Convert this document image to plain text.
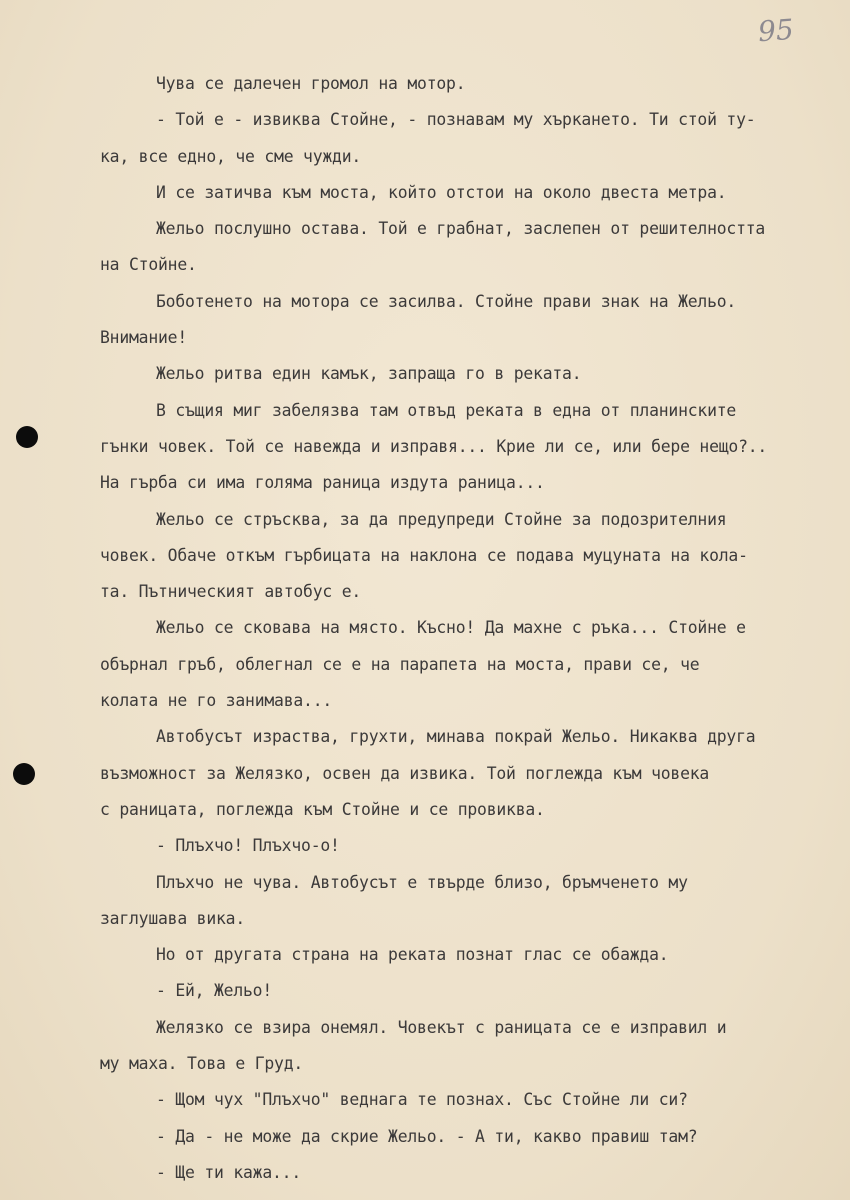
95
Чува се далечен громол на мотор.
- Той е - извиква Стойне, - познавам му хъркането. Ти стой ту-
ка, все едно, че сме чужди.
И се затичва към моста, който отстои на около двеста метра.
Жельо послушно остава. Той е грабнат, заслепен от решителността
на Стойне.
Боботенето на мотора се засилва. Стойне прави знак на Жельо.
Внимание!
Жельо ритва един камък, запраща го в реката.
В същия миг забелязва там отвъд реката в една от планинските
гънки човек. Той се навежда и изправя... Крие ли се, или бере нещо?..
На гърба си има голяма раница издута раница...
Жельо се стръсква, за да предупреди Стойне за подозрителния
човек. Обаче откъм гърбицата на наклона се подава муцуната на кола-
та. Пътническият автобус е.
Жельо се сковава на място. Късно! Да махне с ръка... Стойне е
обърнал гръб, облегнал се е на парапета на моста, прави се, че
колата не го занимава...
Автобусът израства, грухти, минава покрай Жельо. Никаква друга
възможност за Желязко, освен да извика. Той поглежда към човека
с раницата, поглежда към Стойне и се провиква.
- Плъхчо! Плъхчо-о!
Плъхчо не чува. Автобусът е твърде близо, бръмченето му
заглушава вика.
Но от другата страна на реката познат глас се обажда.
- Ей, Жельо!
Желязко се взира онемял. Човекът с раницата се е изправил и
му маха. Това е Груд.
- Щом чух "Плъхчо" веднага те познах. Със Стойне ли си?
- Да - не може да скрие Жельо. - А ти, какво правиш там?
- Ще ти кажа...
